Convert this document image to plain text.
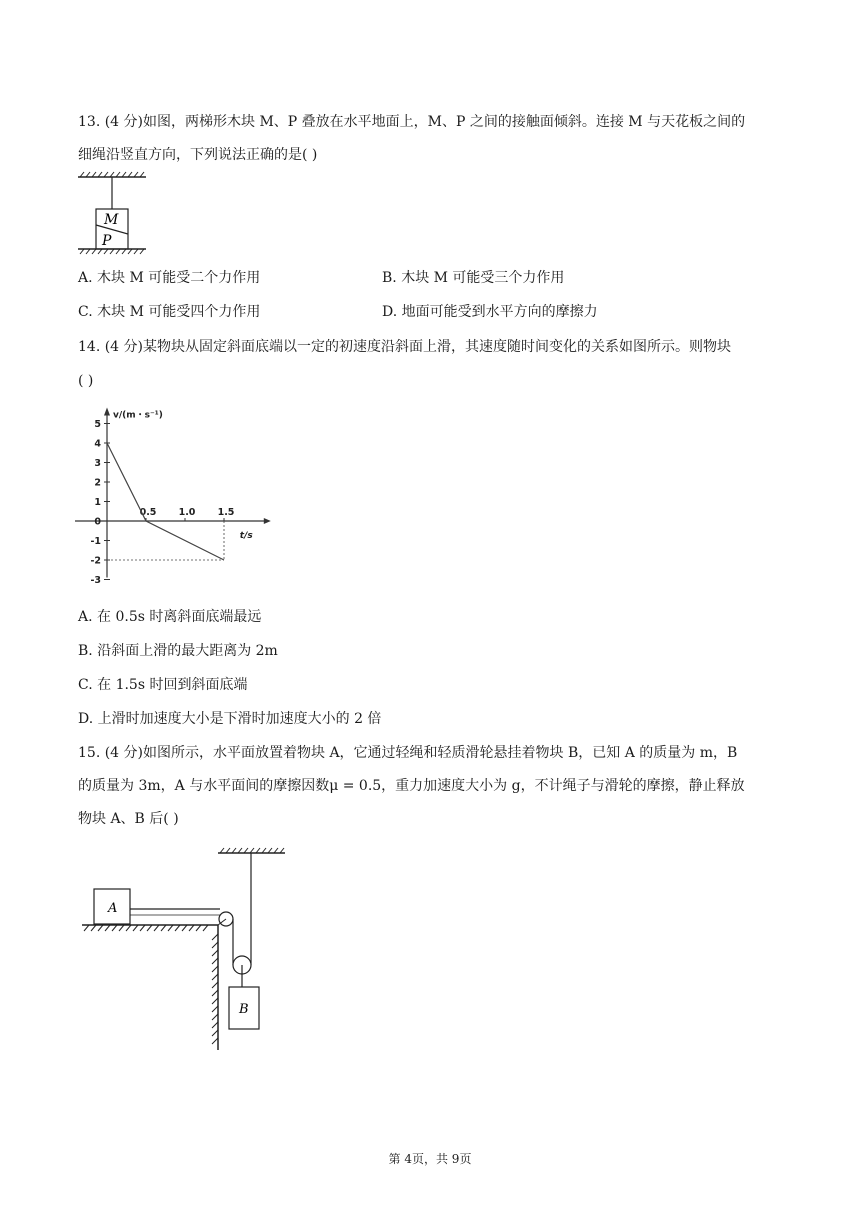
13. (4 分)如图，两梯形木块 M、P 叠放在水平地面上，M、P 之间的接触面倾斜。连接 M 与天花板之间的
细绳沿竖直方向，下列说法正确的是( )
M
P
A. 木块 M 可能受二个力作用	B. 木块 M 可能受三个力作用
C. 木块 M 可能受四个力作用	D. 地面可能受到水平方向的摩擦力
14. (4 分)某物块从固定斜面底端以一定的初速度沿斜面上滑，其速度随时间变化的关系如图所示。则物块
( )
v/(m・s⁻¹)
t/s
5
4
3
2
1
0
-1
-2
-3
0.5 1.0 1.5
A. 在 0.5s 时离斜面底端最远
B. 沿斜面上滑的最大距离为 2m
C. 在 1.5s 时回到斜面底端
D. 上滑时加速度大小是下滑时加速度大小的 2 倍
15. (4 分)如图所示，水平面放置着物块 A，它通过轻绳和轻质滑轮悬挂着物块 B，已知 A 的质量为 m，B
的质量为 3m，A 与水平面间的摩擦因数μ = 0.5，重力加速度大小为 g，不计绳子与滑轮的摩擦，静止释放
物块 A、B 后( )
A
B
第 4页，共 9页
